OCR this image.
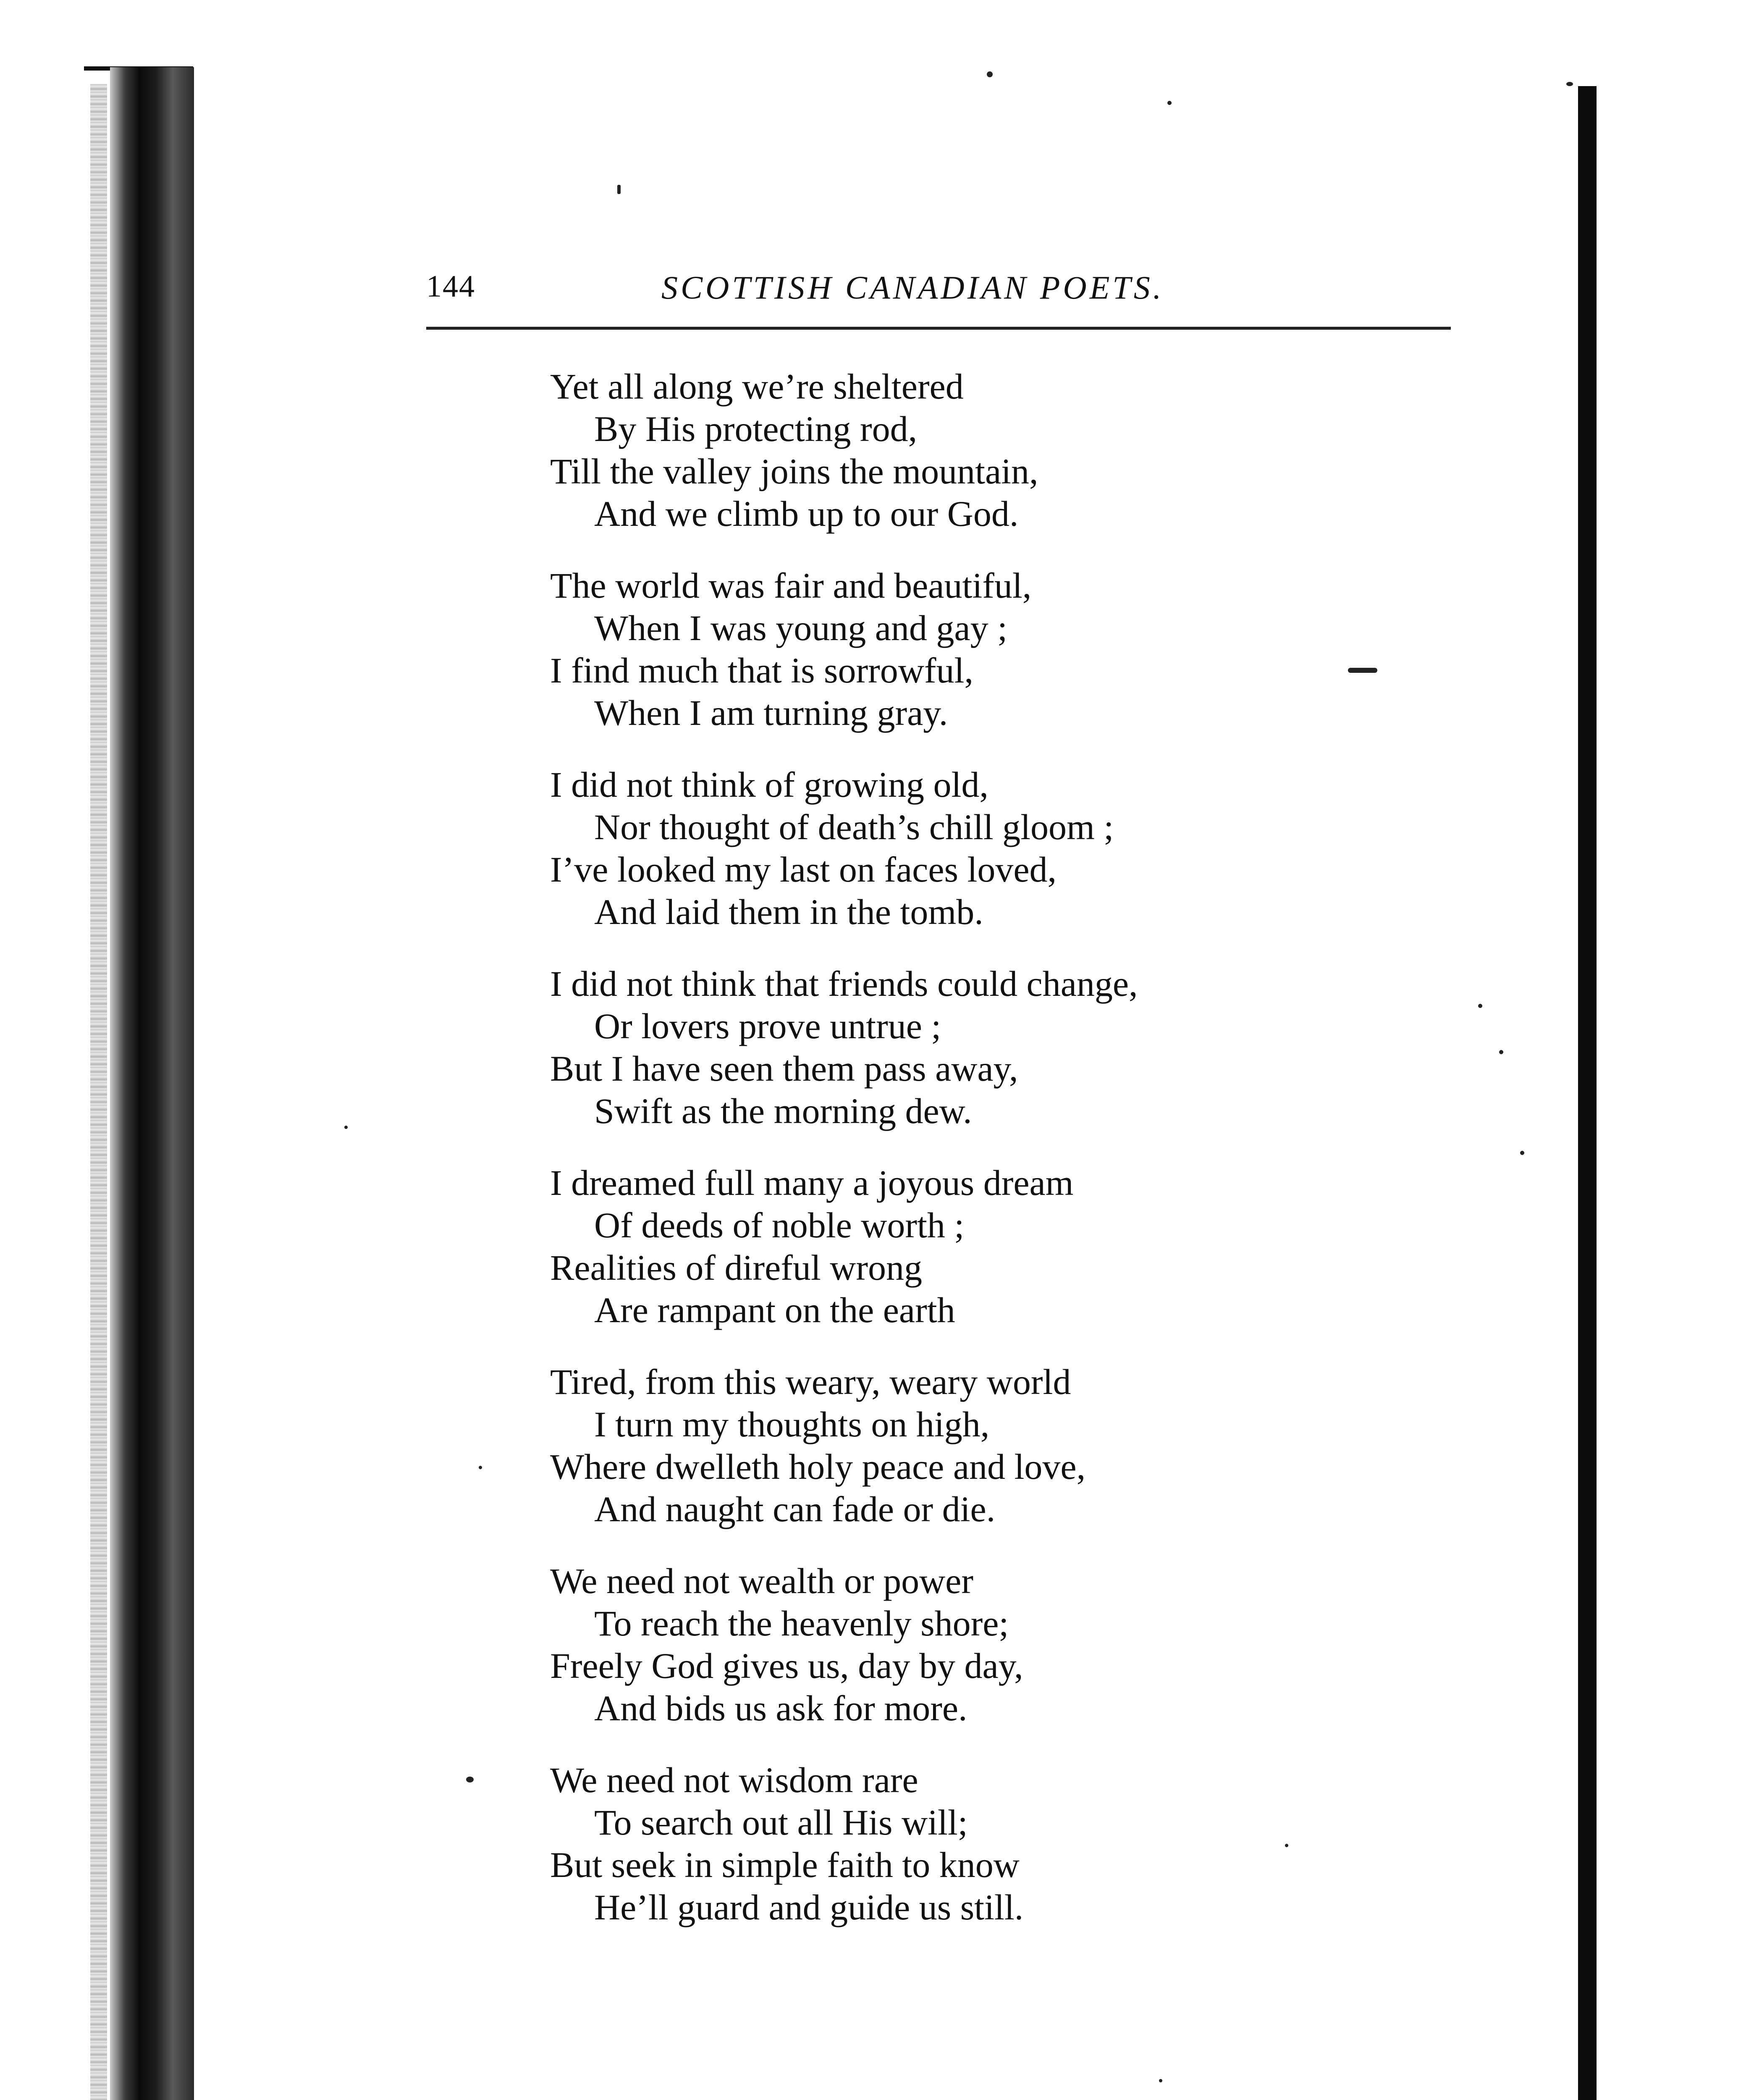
144	SCOTTISH CANADIAN POETS.
Yet all along we’re sheltered
By His protecting rod,
Till the valley joins the mountain,
And we climb up to our God.
The world was fair and beautiful,
When I was young and gay ;
I find much that is sorrowful,
When I am turning gray.
I did not think of growing old,
Nor thought of death’s chill gloom ;
I’ve looked my last on faces loved,
And laid them in the tomb.
I did not think that friends could change,
Or lovers prove untrue ;
But I have seen them pass away,
Swift as the morning dew.
I dreamed full many a joyous dream
Of deeds of noble worth ;
Realities of direful wrong
Are rampant on the earth
Tired, from this weary, weary world
I turn my thoughts on high,
Where dwelleth holy peace and love,
And naught can fade or die.
We need not wealth or power
To reach the heavenly shore;
Freely God gives us, day by day,
And bids us ask for more.
We need not wisdom rare
To search out all His will;
But seek in simple faith to know
He’ll guard and guide us still.
